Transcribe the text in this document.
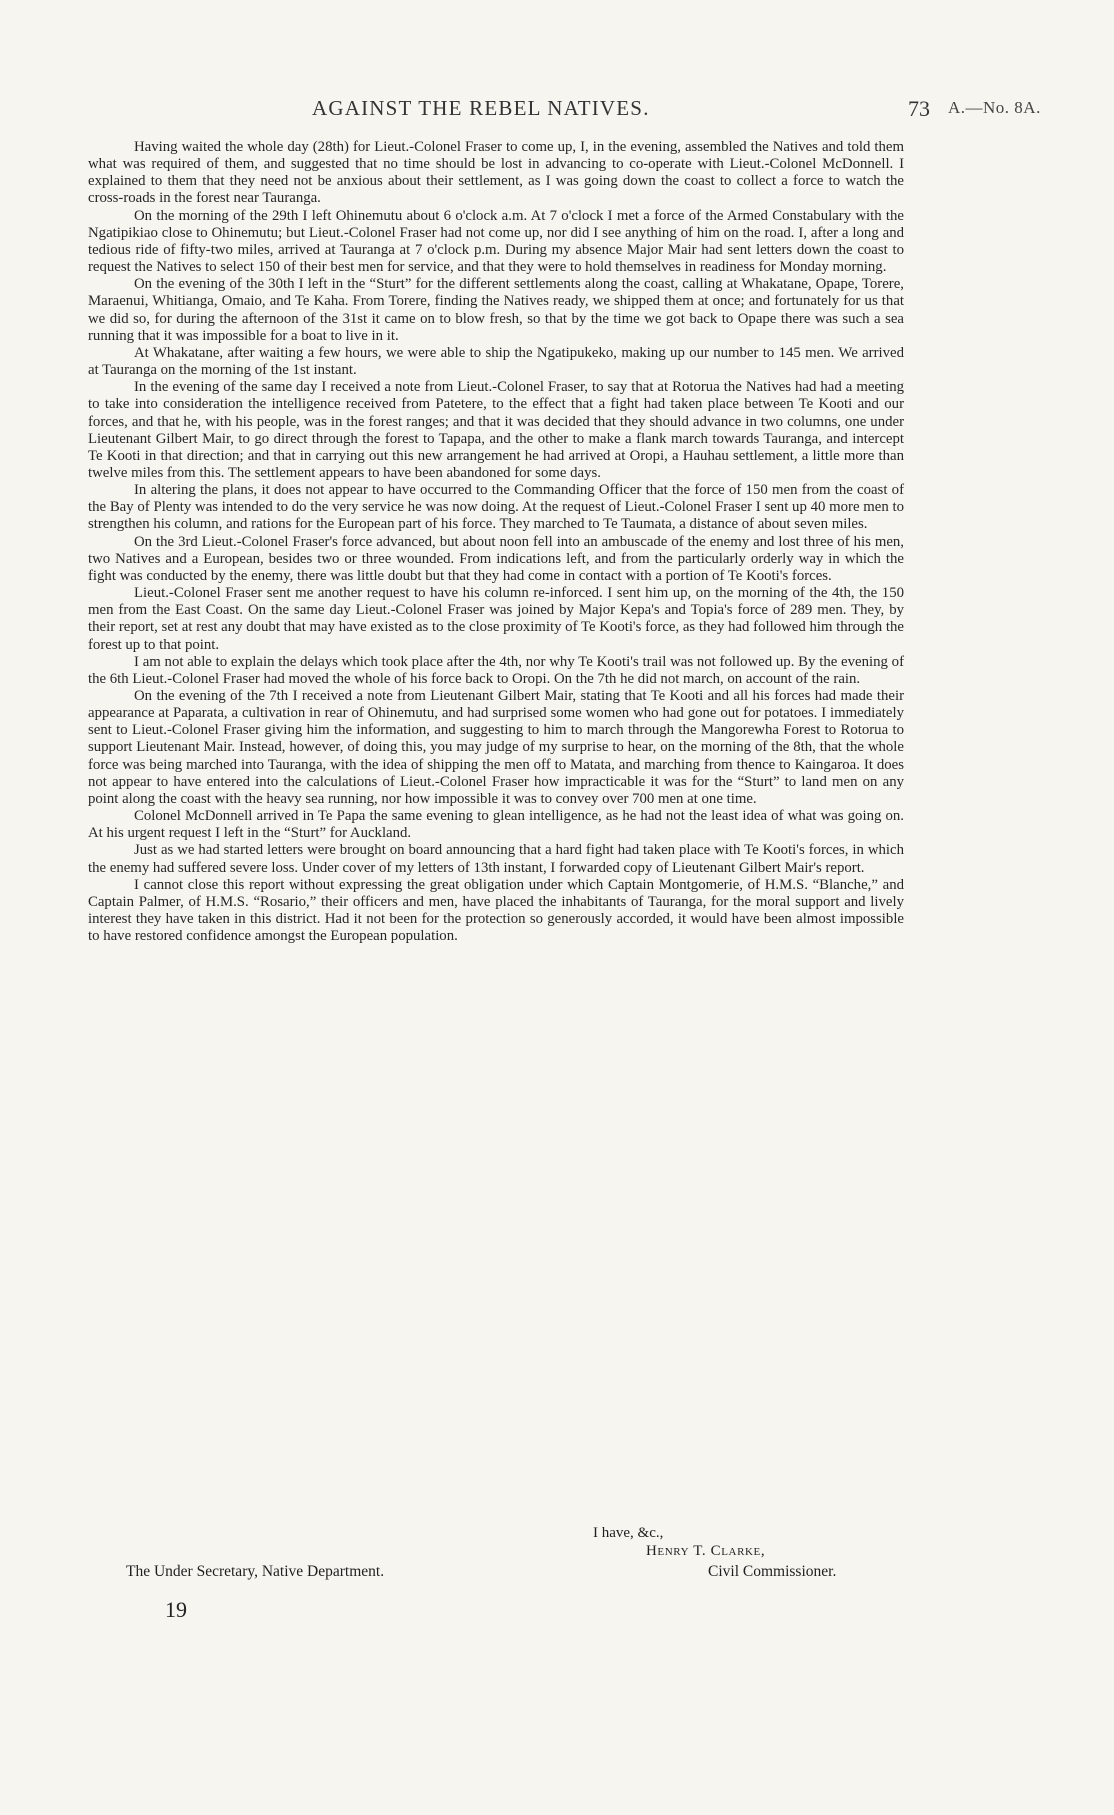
AGAINST THE REBEL NATIVES.	73 A.—No. 8A.

Having waited the whole day (28th) for Lieut.-Colonel Fraser to come up, I, in the evening, assembled the Natives and told them what was required of them, and suggested that no time should be lost in advancing to co-operate with Lieut.-Colonel McDonnell. I explained to them that they need not be anxious about their settlement, as I was going down the coast to collect a force to watch the cross-roads in the forest near Tauranga.

On the morning of the 29th I left Ohinemutu about 6 o'clock a.m. At 7 o'clock I met a force of the Armed Constabulary with the Ngatipikiao close to Ohinemutu; but Lieut.-Colonel Fraser had not come up, nor did I see anything of him on the road. I, after a long and tedious ride of fifty-two miles, arrived at Tauranga at 7 o'clock p.m. During my absence Major Mair had sent letters down the coast to request the Natives to select 150 of their best men for service, and that they were to hold themselves in readiness for Monday morning.

On the evening of the 30th I left in the “Sturt” for the different settlements along the coast, calling at Whakatane, Opape, Torere, Maraenui, Whitianga, Omaio, and Te Kaha. From Torere, finding the Natives ready, we shipped them at once; and fortunately for us that we did so, for during the afternoon of the 31st it came on to blow fresh, so that by the time we got back to Opape there was such a sea running that it was impossible for a boat to live in it.

At Whakatane, after waiting a few hours, we were able to ship the Ngatipukeko, making up our number to 145 men. We arrived at Tauranga on the morning of the 1st instant.

In the evening of the same day I received a note from Lieut.-Colonel Fraser, to say that at Rotorua the Natives had had a meeting to take into consideration the intelligence received from Patetere, to the effect that a fight had taken place between Te Kooti and our forces, and that he, with his people, was in the forest ranges; and that it was decided that they should advance in two columns, one under Lieutenant Gilbert Mair, to go direct through the forest to Tapapa, and the other to make a flank march towards Tauranga, and intercept Te Kooti in that direction; and that in carrying out this new arrangement he had arrived at Oropi, a Hauhau settlement, a little more than twelve miles from this. The settlement appears to have been abandoned for some days.

In altering the plans, it does not appear to have occurred to the Commanding Officer that the force of 150 men from the coast of the Bay of Plenty was intended to do the very service he was now doing. At the request of Lieut.-Colonel Fraser I sent up 40 more men to strengthen his column, and rations for the European part of his force. They marched to Te Taumata, a distance of about seven miles.

On the 3rd Lieut.-Colonel Fraser's force advanced, but about noon fell into an ambuscade of the enemy and lost three of his men, two Natives and a European, besides two or three wounded. From indications left, and from the particularly orderly way in which the fight was conducted by the enemy, there was little doubt but that they had come in contact with a portion of Te Kooti's forces.

Lieut.-Colonel Fraser sent me another request to have his column re-inforced. I sent him up, on the morning of the 4th, the 150 men from the East Coast. On the same day Lieut.-Colonel Fraser was joined by Major Kepa's and Topia's force of 289 men. They, by their report, set at rest any doubt that may have existed as to the close proximity of Te Kooti's force, as they had followed him through the forest up to that point.

I am not able to explain the delays which took place after the 4th, nor why Te Kooti's trail was not followed up. By the evening of the 6th Lieut.-Colonel Fraser had moved the whole of his force back to Oropi. On the 7th he did not march, on account of the rain.

On the evening of the 7th I received a note from Lieutenant Gilbert Mair, stating that Te Kooti and all his forces had made their appearance at Paparata, a cultivation in rear of Ohinemutu, and had surprised some women who had gone out for potatoes. I immediately sent to Lieut.-Colonel Fraser giving him the information, and suggesting to him to march through the Mangorewha Forest to Rotorua to support Lieutenant Mair. Instead, however, of doing this, you may judge of my surprise to hear, on the morning of the 8th, that the whole force was being marched into Tauranga, with the idea of shipping the men off to Matata, and marching from thence to Kaingaroa. It does not appear to have entered into the calculations of Lieut.-Colonel Fraser how impracticable it was for the “Sturt” to land men on any point along the coast with the heavy sea running, nor how impossible it was to convey over 700 men at one time.

Colonel McDonnell arrived in Te Papa the same evening to glean intelligence, as he had not the least idea of what was going on. At his urgent request I left in the “Sturt” for Auckland.

Just as we had started letters were brought on board announcing that a hard fight had taken place with Te Kooti's forces, in which the enemy had suffered severe loss. Under cover of my letters of 13th instant, I forwarded copy of Lieutenant Gilbert Mair's report.

I cannot close this report without expressing the great obligation under which Captain Montgomerie, of H.M.S. “Blanche,” and Captain Palmer, of H.M.S. “Rosario,” their officers and men, have placed the inhabitants of Tauranga, for the moral support and lively interest they have taken in this district. Had it not been for the protection so generously accorded, it would have been almost impossible to have restored confidence amongst the European population.

I have, &c.,
Henry T. Clarke,
The Under Secretary, Native Department.	Civil Commissioner.
19
